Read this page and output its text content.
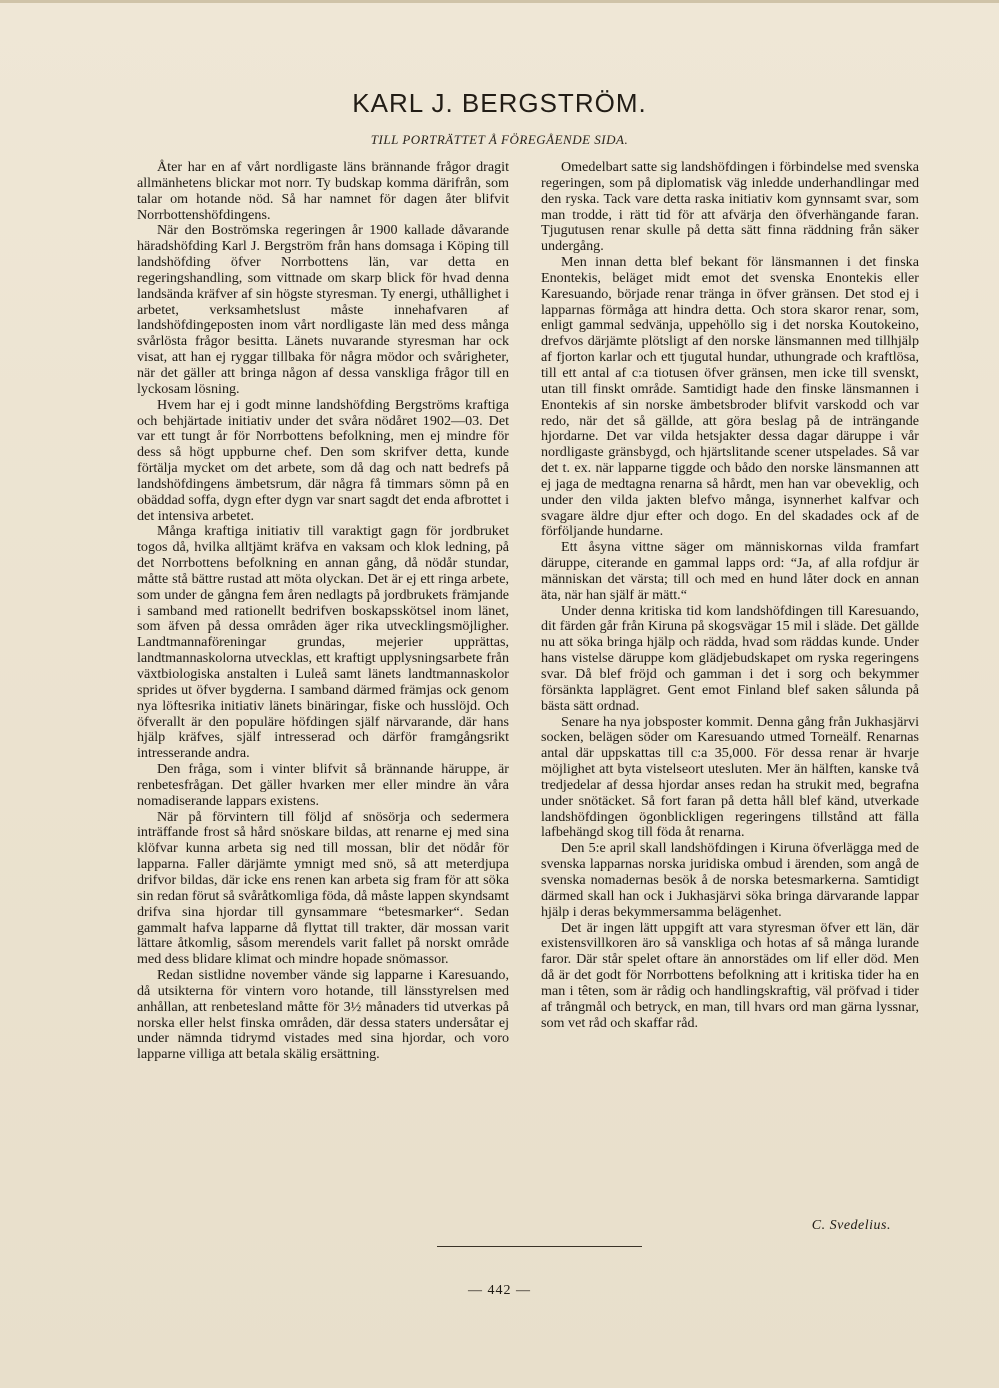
KARL J. BERGSTRÖM.
TILL PORTRÄTTET Å FÖREGÅENDE SIDA.

Åter har en af vårt nordligaste läns brännande frågor dragit allmänhetens blickar mot norr. Ty budskap komma därifrån, som talar om hotande nöd. Så har namnet för dagen åter blifvit Norrbottenshöfdingens.

När den Boströmska regeringen år 1900 kallade dåvarande häradshöfding Karl J. Bergström från hans domsaga i Köping till landshöfding öfver Norrbottens län, var detta en regeringshandling, som vittnade om skarp blick för hvad denna landsända kräfver af sin högste styresman. Ty energi, uthållighet i arbetet, verksamhetslust måste innehafvaren af landshöfdingeposten inom vårt nordligaste län med dess många svårlösta frågor besitta. Länets nuvarande styresman har ock visat, att han ej ryggar tillbaka för några mödor och svårigheter, när det gäller att bringa någon af dessa vanskliga frågor till en lyckosam lösning.

Hvem har ej i godt minne landshöfding Bergströms kraftiga och behjärtade initiativ under det svåra nödåret 1902—03. Det var ett tungt år för Norrbottens befolkning, men ej mindre för dess så högt uppburne chef. Den som skrifver detta, kunde förtälja mycket om det arbete, som då dag och natt bedrefs på landshöfdingens ämbetsrum, där några få timmars sömn på en obäddad soffa, dygn efter dygn var snart sagdt det enda afbrottet i det intensiva arbetet.

Många kraftiga initiativ till varaktigt gagn för jordbruket togos då, hvilka alltjämt kräfva en vaksam och klok ledning, på det Norrbottens befolkning en annan gång, då nödår stundar, måtte stå bättre rustad att möta olyckan. Det är ej ett ringa arbete, som under de gångna fem åren nedlagts på jordbrukets främjande i samband med rationellt bedrifven boskapsskötsel inom länet, som äfven på dessa områden äger rika utvecklingsmöjligher. Landtmannaföreningar grundas, mejerier upprättas, landtmannaskolorna utvecklas, ett kraftigt upplysningsarbete från växtbiologiska anstalten i Luleå samt länets landtmannaskolor sprides ut öfver bygderna. I samband därmed främjas ock genom nya löftesrika initiativ länets binäringar, fiske och husslöjd. Och öfverallt är den populäre höfdingen själf närvarande, där hans hjälp kräfves, själf intresserad och därför framgångsrikt intresserande andra.

Den fråga, som i vinter blifvit så brännande häruppe, är renbetesfrågan. Det gäller hvarken mer eller mindre än våra nomadiserande lappars existens.

När på förvintern till följd af snösörja och sedermera inträffande frost så hård snöskare bildas, att renarne ej med sina klöfvar kunna arbeta sig ned till mossan, blir det nödår för lapparna. Faller därjämte ymnigt med snö, så att meterdjupa drifvor bildas, där icke ens renen kan arbeta sig fram för att söka sin redan förut så svåråtkomliga föda, då måste lappen skyndsamt drifva sina hjordar till gynsammare “betesmarker“. Sedan gammalt hafva lapparne då flyttat till trakter, där mossan varit lättare åtkomlig, såsom merendels varit fallet på norskt område med dess blidare klimat och mindre hopade snömassor.

Redan sistlidne november vände sig lapparne i Karesuando, då utsikterna för vintern voro hotande, till länsstyrelsen med anhållan, att renbetesland måtte för 3½ månaders tid utverkas på norska eller helst finska områden, där dessa staters undersåtar ej under nämnda tidrymd vistades med sina hjordar, och voro lapparne villiga att betala skälig ersättning.

Omedelbart satte sig landshöfdingen i förbindelse med svenska regeringen, som på diplomatisk väg inledde underhandlingar med den ryska. Tack vare detta raska initiativ kom gynnsamt svar, som man trodde, i rätt tid för att afvärja den öfverhängande faran. Tjugutusen renar skulle på detta sätt finna räddning från säker undergång.

Men innan detta blef bekant för länsmannen i det finska Enontekis, beläget midt emot det svenska Enontekis eller Karesuando, började renar tränga in öfver gränsen. Det stod ej i lapparnas förmåga att hindra detta. Och stora skaror renar, som, enligt gammal sedvänja, uppehöllo sig i det norska Koutokeino, drefvos därjämte plötsligt af den norske länsmannen med tillhjälp af fjorton karlar och ett tjugutal hundar, uthungrade och kraftlösa, till ett antal af c:a tiotusen öfver gränsen, men icke till svenskt, utan till finskt område. Samtidigt hade den finske länsmannen i Enontekis af sin norske ämbetsbroder blifvit varskodd och var redo, när det så gällde, att göra beslag på de inträngande hjordarne. Det var vilda hetsjakter dessa dagar däruppe i vår nordligaste gränsbygd, och hjärtslitande scener utspelades. Så var det t. ex. när lapparne tiggde och bådo den norske länsmannen att ej jaga de medtagna renarna så hårdt, men han var obeveklig, och under den vilda jakten blefvo många, isynnerhet kalfvar och svagare äldre djur efter och dogo. En del skadades ock af de förföljande hundarne.

Ett åsyna vittne säger om människornas vilda framfart däruppe, citerande en gammal lapps ord: “Ja, af alla rofdjur är människan det värsta; till och med en hund låter dock en annan äta, när han själf är mätt.“

Under denna kritiska tid kom landshöfdingen till Karesuando, dit färden går från Kiruna på skogsvägar 15 mil i släde. Det gällde nu att söka bringa hjälp och rädda, hvad som räddas kunde. Under hans vistelse däruppe kom glädjebudskapet om ryska regeringens svar. Då blef fröjd och gamman i det i sorg och bekymmer försänkta lapplägret. Gent emot Finland blef saken sålunda på bästa sätt ordnad.

Senare ha nya jobsposter kommit. Denna gång från Jukhasjärvi socken, belägen söder om Karesuando utmed Torneälf. Renarnas antal där uppskattas till c:a 35,000. För dessa renar är hvarje möjlighet att byta vistelseort utesluten. Mer än hälften, kanske två tredjedelar af dessa hjordar anses redan ha strukit med, begrafna under snötäcket. Så fort faran på detta håll blef känd, utverkade landshöfdingen ögonblickligen regeringens tillstånd att fälla lafbehängd skog till föda åt renarna.

Den 5:e april skall landshöfdingen i Kiruna öfverlägga med de svenska lapparnas norska juridiska ombud i ärenden, som angå de svenska nomadernas besök å de norska betesmarkerna. Samtidigt därmed skall han ock i Jukhasjärvi söka bringa därvarande lappar hjälp i deras bekymmersamma belägenhet.

Det är ingen lätt uppgift att vara styresman öfver ett län, där existensvillkoren äro så vanskliga och hotas af så många lurande faror. Där står spelet oftare än annorstädes om lif eller död. Men då är det godt för Norrbottens befolkning att i kritiska tider ha en man i têten, som är rådig och handlingskraftig, väl pröfvad i tider af trångmål och betryck, en man, till hvars ord man gärna lyssnar, som vet råd och skaffar råd.

C. Svedelius.
— 442 —
